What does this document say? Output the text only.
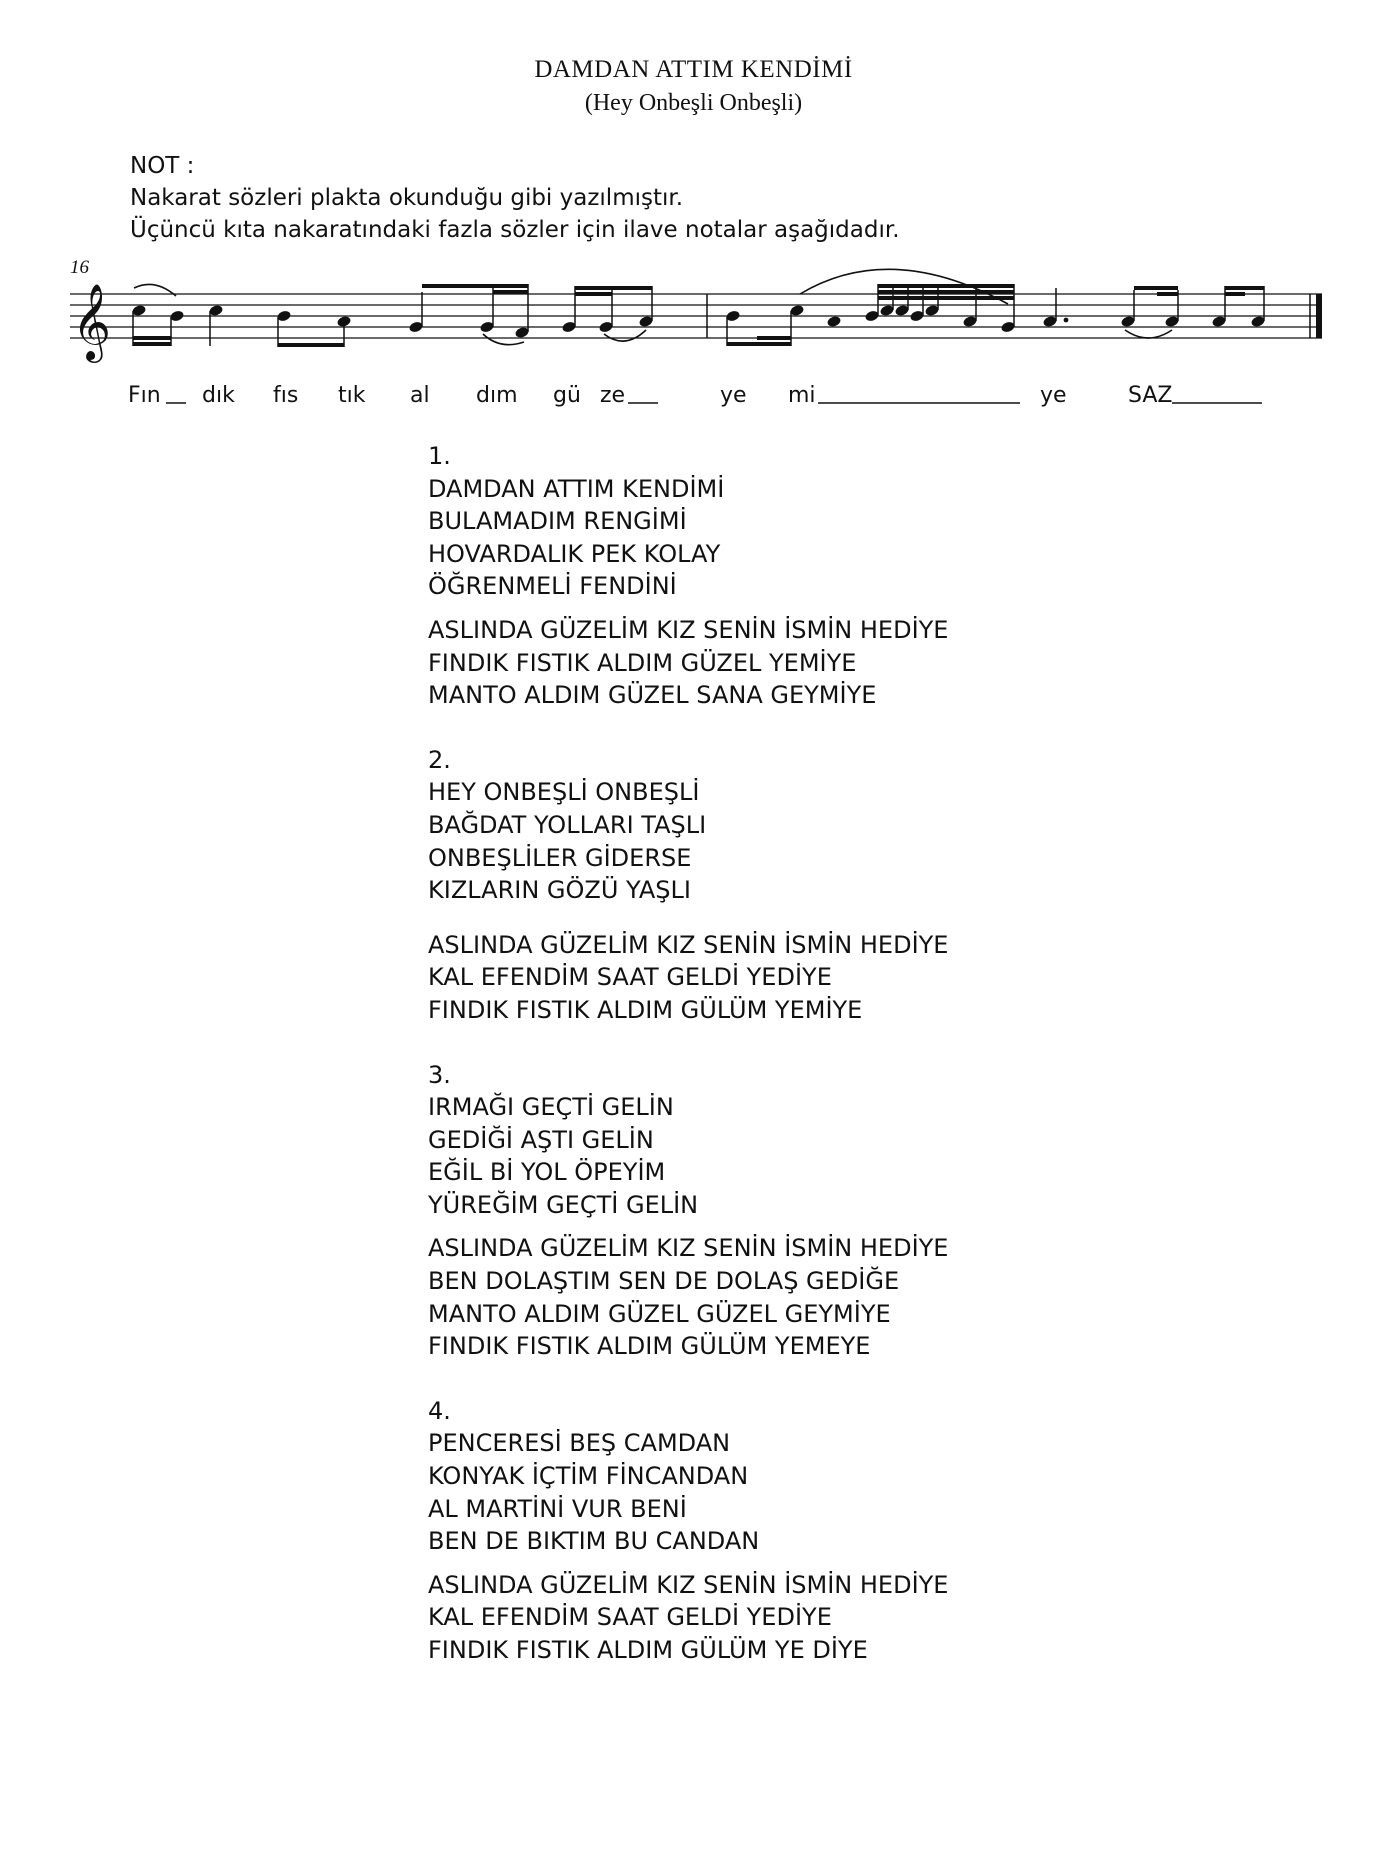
DAMDAN ATTIM KENDİMİ
(Hey Onbeşli Onbeşli)
NOT :
Nakarat sözleri plakta okunduğu gibi yazılmıştır.
Üçüncü kıta nakaratındaki fazla sözler için ilave notalar aşağıdadır.
16
𝄞
Fın dık fıs tık al dım gü ze	ye mi	ye	SAZ
1.
DAMDAN ATTIM KENDİMİ
BULAMADIM RENGİMİ
HOVARDALIK PEK KOLAY
ÖĞRENMELİ FENDİNİ
ASLINDA GÜZELİM KIZ SENİN İSMİN HEDİYE
FINDIK FISTIK ALDIM GÜZEL YEMİYE
MANTO ALDIM GÜZEL SANA GEYMİYE
2.
HEY ONBEŞLİ ONBEŞLİ
BAĞDAT YOLLARI TAŞLI
ONBEŞLİLER GİDERSE
KIZLARIN GÖZÜ YAŞLI
ASLINDA GÜZELİM KIZ SENİN İSMİN HEDİYE
KAL EFENDİM SAAT GELDİ YEDİYE
FINDIK FISTIK ALDIM GÜLÜM YEMİYE
3.
IRMAĞI GEÇTİ GELİN
GEDİĞİ AŞTI GELİN
EĞİL Bİ YOL ÖPEYİM
YÜREĞİM GEÇTİ GELİN
ASLINDA GÜZELİM KIZ SENİN İSMİN HEDİYE
BEN DOLAŞTIM SEN DE DOLAŞ GEDİĞE
MANTO ALDIM GÜZEL GÜZEL GEYMİYE
FINDIK FISTIK ALDIM GÜLÜM YEMEYE
4.
PENCERESİ BEŞ CAMDAN
KONYAK İÇTİM FİNCANDAN
AL MARTİNİ VUR BENİ
BEN DE BIKTIM BU CANDAN
ASLINDA GÜZELİM KIZ SENİN İSMİN HEDİYE
KAL EFENDİM SAAT GELDİ YEDİYE
FINDIK FISTIK ALDIM GÜLÜM YE DİYE
